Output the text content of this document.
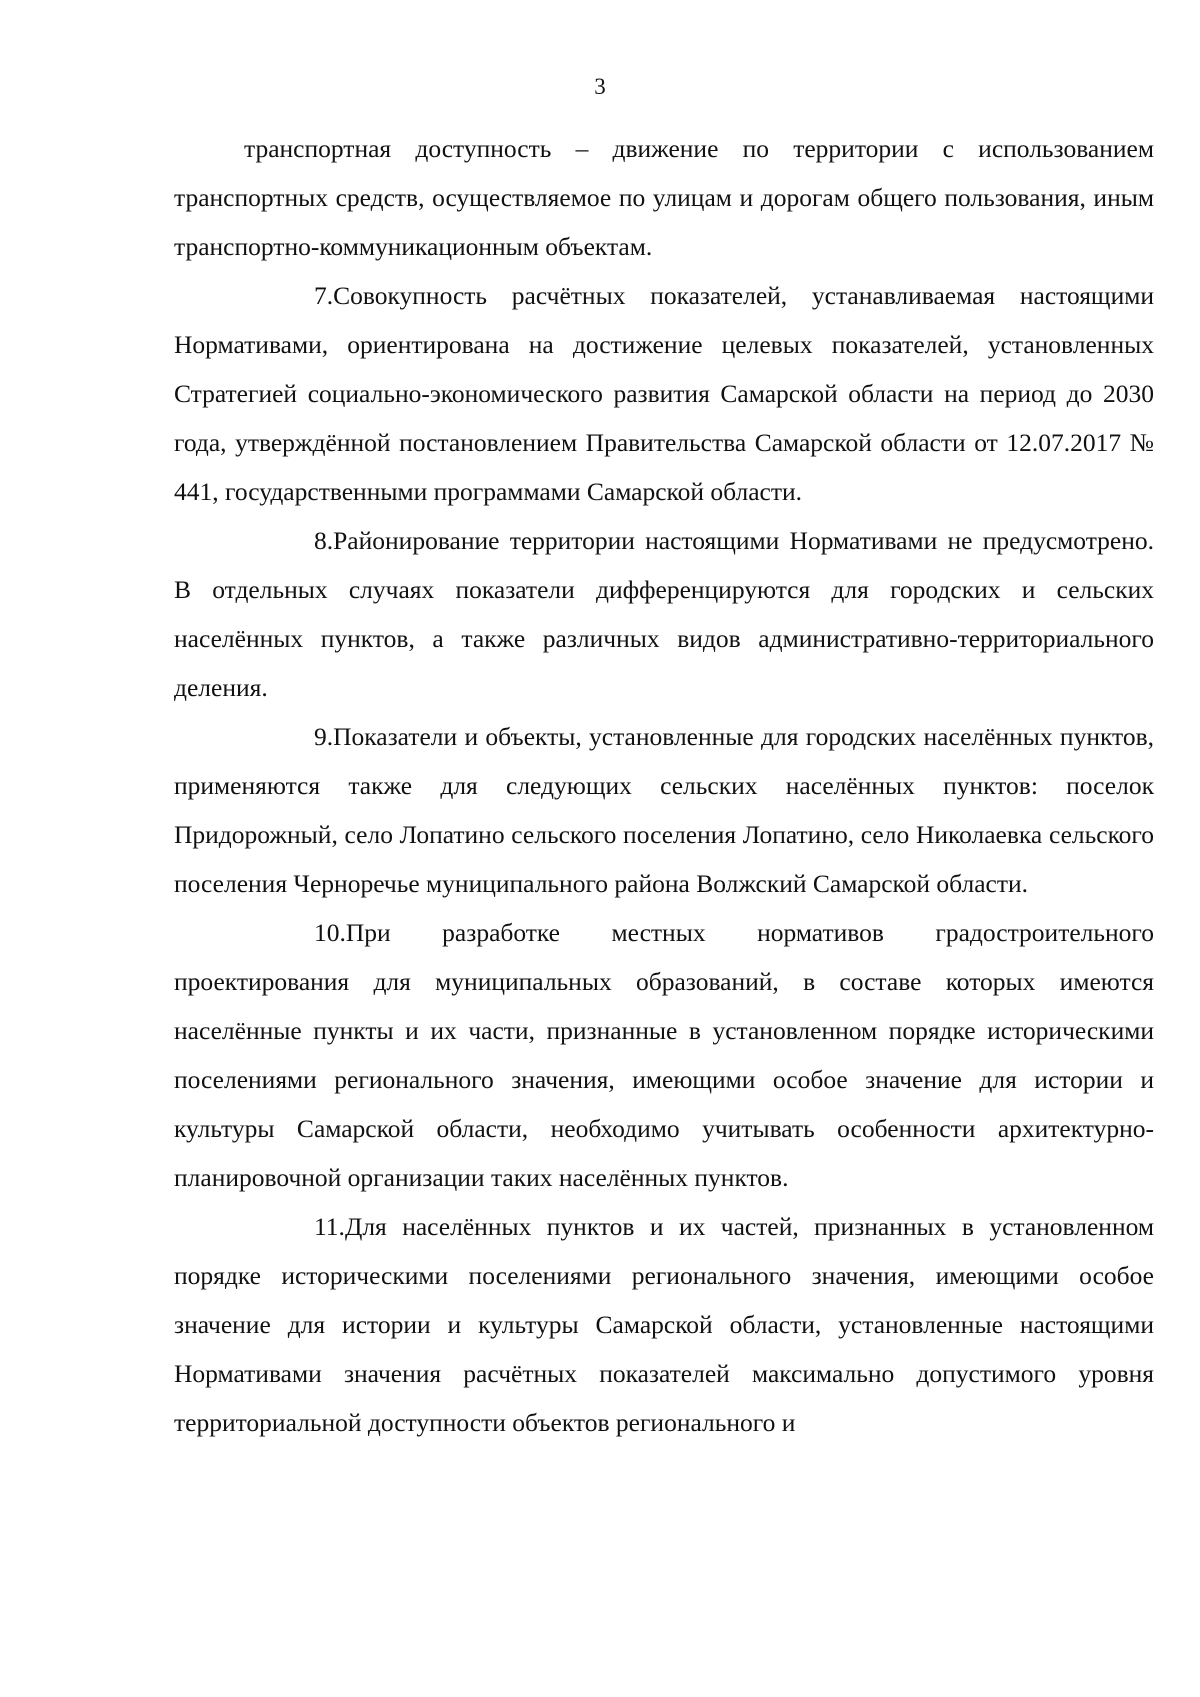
3

транспортная доступность – движение по территории с использованием транспортных средств, осуществляемое по улицам и дорогам общего пользования, иным транспортно-коммуникационным объектам.

7.Совокупность расчётных показателей, устанавливаемая настоящими Нормативами, ориентирована на достижение целевых показателей, установленных Стратегией социально-экономического развития Самарской области на период до 2030 года, утверждённой постановлением Правительства Самарской области от 12.07.2017 № 441, государственными программами Самарской области.

8.Районирование территории настоящими Нормативами не предусмотрено. В отдельных случаях показатели дифференцируются для городских и сельских населённых пунктов, а также различных видов административно-территориального деления.

9.Показатели и объекты, установленные для городских населённых пунктов, применяются также для следующих сельских населённых пунктов: поселок Придорожный, село Лопатино сельского поселения Лопатино, село Николаевка сельского поселения Черноречье муниципального района Волжский Самарской области.

10.При разработке местных нормативов градостроительного проектирования для муниципальных образований, в составе которых имеются населённые пункты и их части, признанные в установленном порядке историческими поселениями регионального значения, имеющими особое значение для истории и культуры Самарской области, необходимо учитывать особенности архитектурно-планировочной организации таких населённых пунктов.

11.Для населённых пунктов и их частей, признанных в установленном порядке историческими поселениями регионального значения, имеющими особое значение для истории и культуры Самарской области, установленные настоящими Нормативами значения расчётных показателей максимально допустимого уровня территориальной доступности объектов регионального и
